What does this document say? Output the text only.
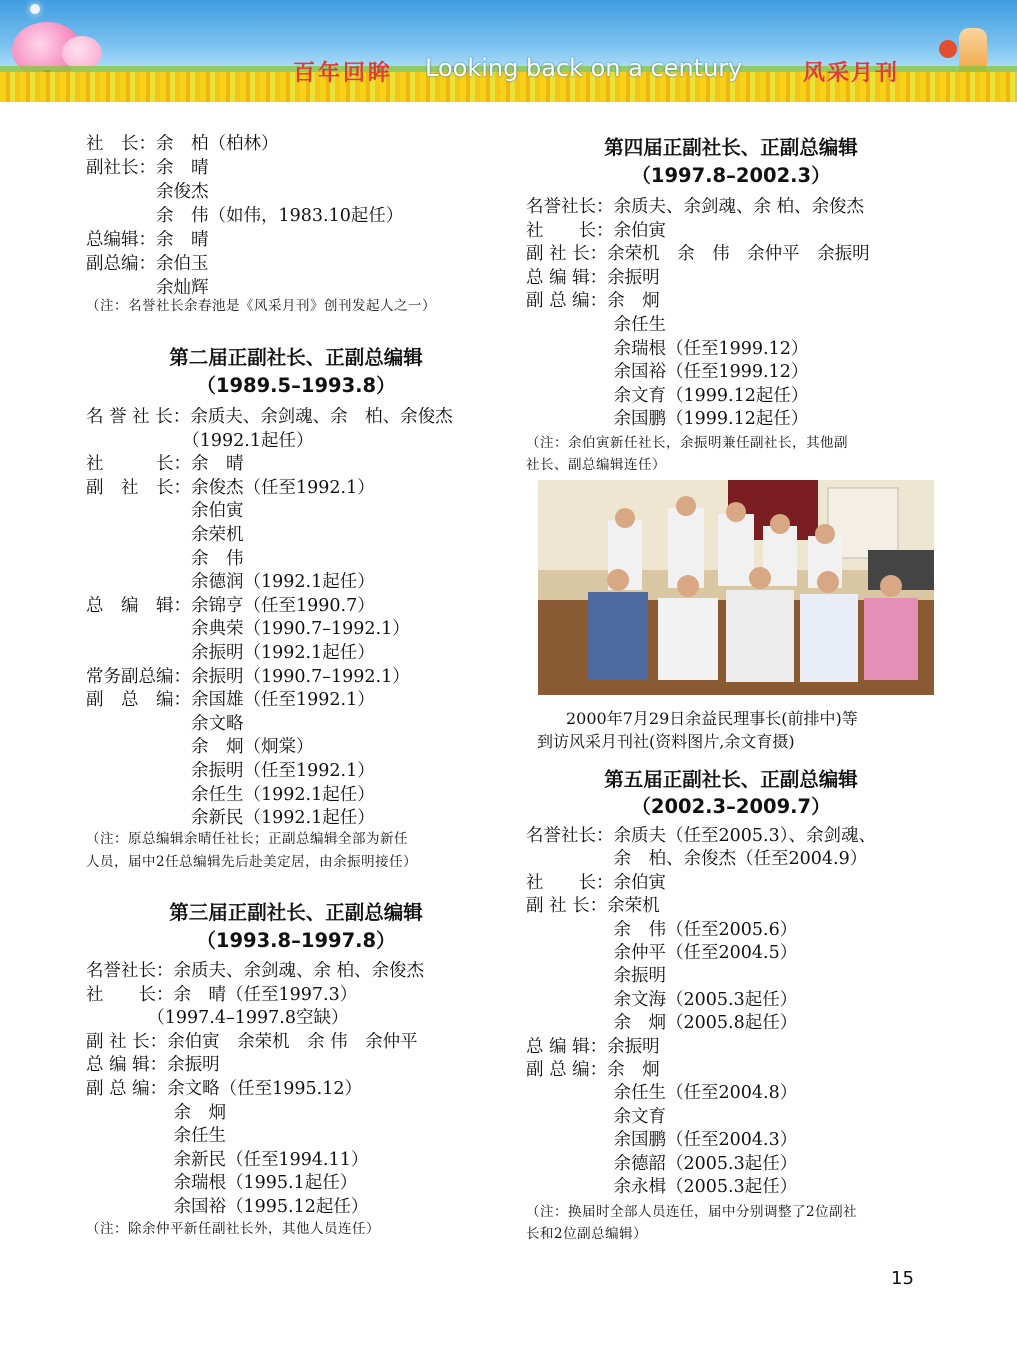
百年回眸 Looking back on a century	风采月刊
社　长：余　柏（柏林）
副社长：余　晴
　　　　余俊杰
　　　　余　伟（如伟，1983.10起任）
总编辑：余　晴
副总编：余伯玉
　　　　余灿辉
（注：名誉社长余春池是《风采月刊》创刊发起人之一）
第二届正副社长、正副总编辑
（1989.5–1993.8）
名 誉 社 长：余质夫、余剑魂、余　柏、余俊杰
　　　　　　（1992.1起任）
社　　　长：余　晴
副　社　长：余俊杰（任至1992.1）
　　　　　　余伯寅
　　　　　　余荣机
　　　　　　余　伟
　　　　　　余德润（1992.1起任）
总　编　辑：余锦亨（任至1990.7）
　　　　　　余典荣（1990.7–1992.1）
　　　　　　余振明（1992.1起任）
常务副总编：余振明（1990.7–1992.1）
副　总　编：余国雄（任至1992.1）
　　　　　　余文略
　　　　　　余　炯（炯棠）
　　　　　　余振明（任至1992.1）
　　　　　　余任生（1992.1起任）
　　　　　　余新民（1992.1起任）
（注：原总编辑余晴任社长；正副总编辑全部为新任
人员，届中2任总编辑先后赴美定居，由余振明接任）
第三届正副社长、正副总编辑
（1993.8–1997.8）
名誉社长：余质夫、余剑魂、余 柏、余俊杰
社　　长：余　晴（任至1997.3）
　　　　（1997.4–1997.8空缺）
副 社 长：余伯寅　余荣机　余 伟　余仲平
总 编 辑：余振明
副 总 编：余文略（任至1995.12）
　　　　　余　炯
　　　　　余任生
　　　　　余新民（任至1994.11）
　　　　　余瑞根（1995.1起任）
　　　　　余国裕（1995.12起任）
（注：除余仲平新任副社长外，其他人员连任）
第四届正副社长、正副总编辑
（1997.8–2002.3）
名誉社长：余质夫、余剑魂、余 柏、余俊杰
社　　长：余伯寅
副 社 长：余荣机　余　伟　余仲平　余振明
总 编 辑：余振明
副 总 编：余　炯
　　　　　余任生
　　　　　余瑞根（任至1999.12）
　　　　　余国裕（任至1999.12）
　　　　　余文育（1999.12起任）
　　　　　余国鹏（1999.12起任）
（注：余伯寅新任社长，余振明兼任副社长，其他副
社长、副总编辑连任）
2000年7月29日余益民理事长(前排中)等
到访风采月刊社(资料图片,余文育摄)
第五届正副社长、正副总编辑
（2002.3–2009.7）
名誉社长：余质夫（任至2005.3）、余剑魂、
　　　　　余　柏、余俊杰（任至2004.9）
社　　长：余伯寅
副 社 长：余荣机
　　　　　余　伟（任至2005.6）
　　　　　余仲平（任至2004.5）
　　　　　余振明
　　　　　余文海（2005.3起任）
　　　　　余　炯（2005.8起任）
总 编 辑：余振明
副 总 编：余　炯
　　　　　余任生（任至2004.8）
　　　　　余文育
　　　　　余国鹏（任至2004.3）
　　　　　余德韶（2005.3起任）
　　　　　余永楫（2005.3起任）
（注：换届时全部人员连任，届中分别调整了2位副社
长和2位副总编辑）
15
